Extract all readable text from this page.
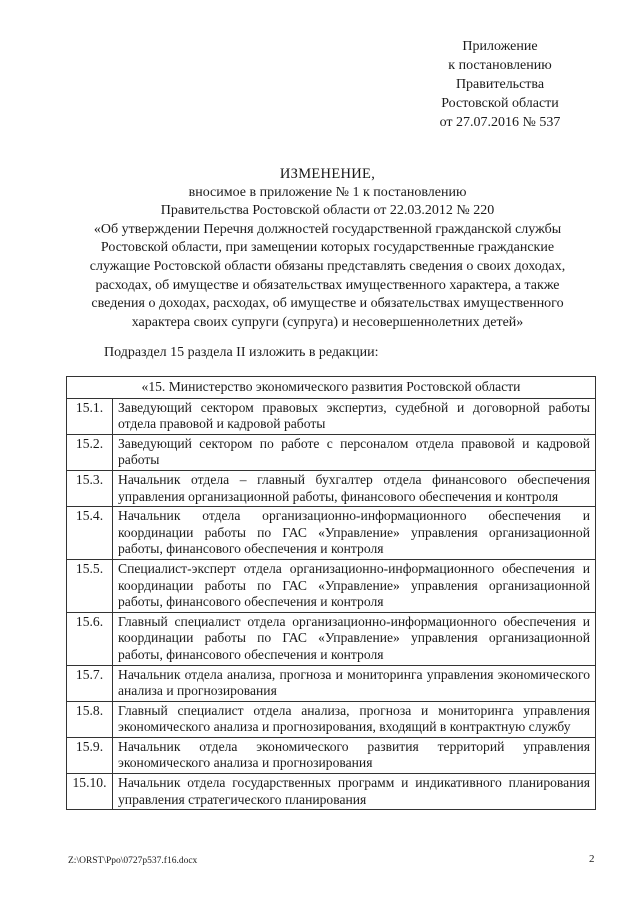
Приложение
к постановлению
Правительства
Ростовской области
от 27.07.2016 № 537
ИЗМЕНЕНИЕ,
вносимое в приложение № 1 к постановлению
Правительства Ростовской области от 22.03.2012 № 220
«Об утверждении Перечня должностей государственной гражданской службы
Ростовской области, при замещении которых государственные гражданские
служащие Ростовской области обязаны представлять сведения о своих доходах,
расходах, об имуществе и обязательствах имущественного характера, а также
сведения о доходах, расходах, об имуществе и обязательствах имущественного
характера своих супруги (супруга) и несовершеннолетних детей»
Подраздел 15 раздела II изложить в редакции:
«15. Министерство экономического развития Ростовской области	
15.1.	Заведующий сектором правовых экспертиз, судебной и договорной работы отдела правовой и кадровой работы
15.2.	Заведующий сектором по работе с персоналом отдела правовой и кадровой работы
15.3.	Начальник отдела – главный бухгалтер отдела финансового обеспечения управления организационной работы, финансового обеспечения и контроля
15.4.	Начальник отдела организационно-информационного обеспечения и координации работы по ГАС «Управление» управления организационной работы, финансового обеспечения и контроля
15.5.	Специалист-эксперт отдела организационно-информационного обеспечения и координации работы по ГАС «Управление» управления организационной работы, финансового обеспечения и контроля
15.6.	Главный специалист отдела организационно-информационного обеспечения и координации работы по ГАС «Управление» управления организационной работы, финансового обеспечения и контроля
15.7.	Начальник отдела анализа, прогноза и мониторинга управления экономического анализа и прогнозирования
15.8.	Главный специалист отдела анализа, прогноза и мониторинга управления экономического анализа и прогнозирования, входящий в контрактную службу
15.9.	Начальник отдела экономического развития территорий управления экономического анализа и прогнозирования
15.10.	Начальник отдела государственных программ и индикативного планирования управления стратегического планирования
Z:\ORST\Ppo\0727p537.f16.docx	2
